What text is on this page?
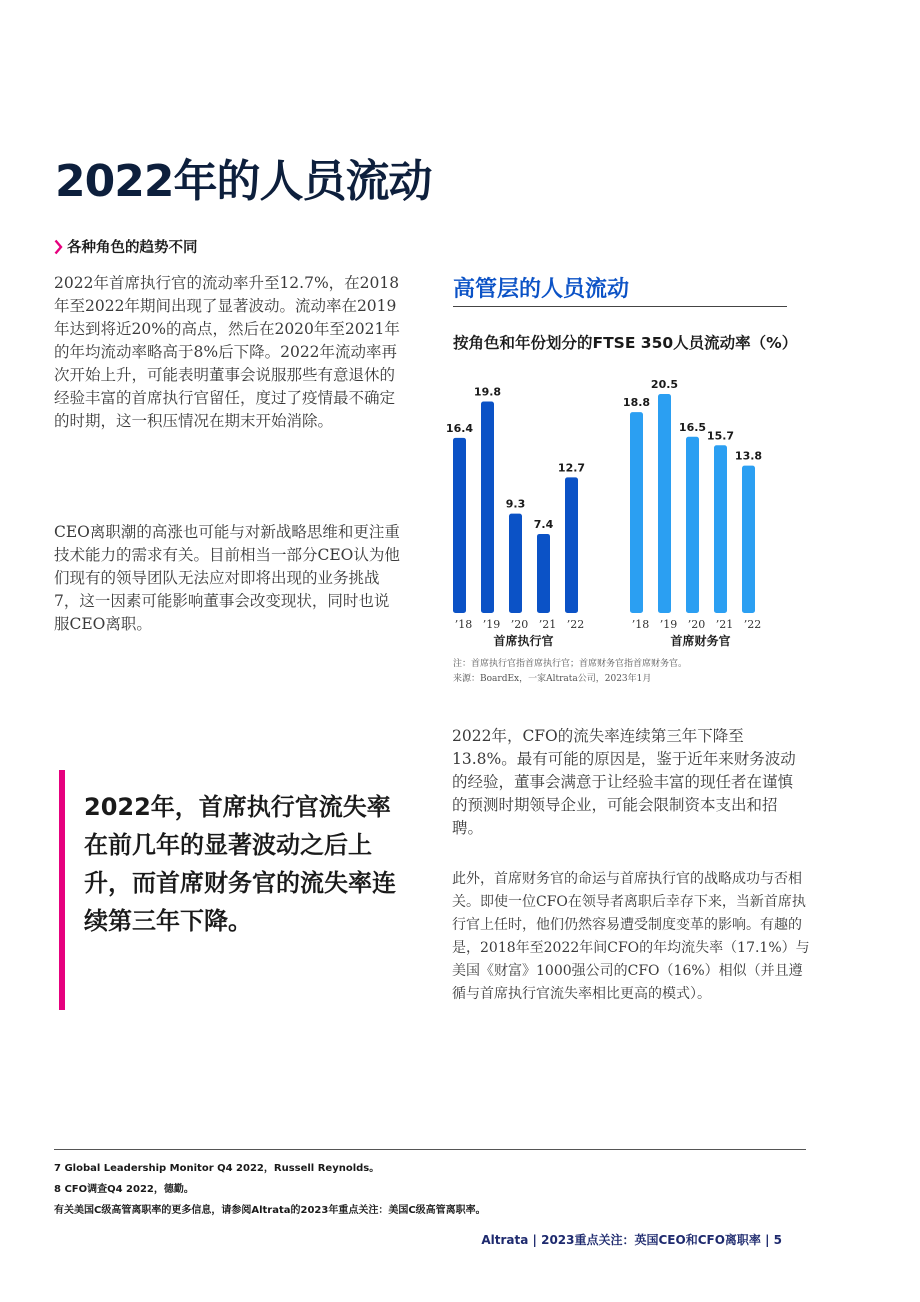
2022年的人员流动
各种角色的趋势不同

2022年首席执行官的流动率升至12.7%，在2018年至2022年期间出现了显著波动。流动率在2019年达到将近20%的高点，然后在2020年至2021年的年均流动率略高于8%后下降。2022年流动率再次开始上升，可能表明董事会说服那些有意退休的经验丰富的首席执行官留任，度过了疫情最不确定的时期，这一积压情况在期末开始消除。

CEO离职潮的高涨也可能与对新战略思维和更注重技术能力的需求有关。目前相当一部分CEO认为他们现有的领导团队无法应对即将出现的业务挑战7，这一因素可能影响董事会改变现状，同时也说服CEO离职。

2022年，首席执行官流失率在前几年的显著波动之后上升，而首席财务官的流失率连续第三年下降。

高管层的人员流动
按角色和年份划分的FTSE 350人员流动率（%）
16.4
’18
19.8
’19
9.3
’20
7.4
’21
12.7
’22
首席执行官
18.8
’18
20.5
’19
16.5
’20
15.7
’21
13.8
’22
首席财务官
注：首席执行官指首席执行官；首席财务官指首席财务官。
来源：BoardEx，一家Altrata公司，2023年1月

2022年，CFO的流失率连续第三年下降至13.8%。最有可能的原因是，鉴于近年来财务波动的经验，董事会满意于让经验丰富的现任者在谨慎的预测时期领导企业，可能会限制资本支出和招聘。

此外，首席财务官的命运与首席执行官的战略成功与否相关。即使一位CFO在领导者离职后幸存下来，当新首席执行官上任时，他们仍然容易遭受制度变革的影响。有趣的是，2018年至2022年间CFO的年均流失率（17.1%）与美国《财富》1000强公司的CFO（16%）相似（并且遵循与首席执行官流失率相比更高的模式）。

7 Global Leadership Monitor Q4 2022，Russell Reynolds。
8 CFO调查Q4 2022，德勤。
有关美国C级高管离职率的更多信息，请参阅Altrata的2023年重点关注：美国C级高管离职率。
Altrata | 2023重点关注：英国CEO和CFO离职率 | 5
